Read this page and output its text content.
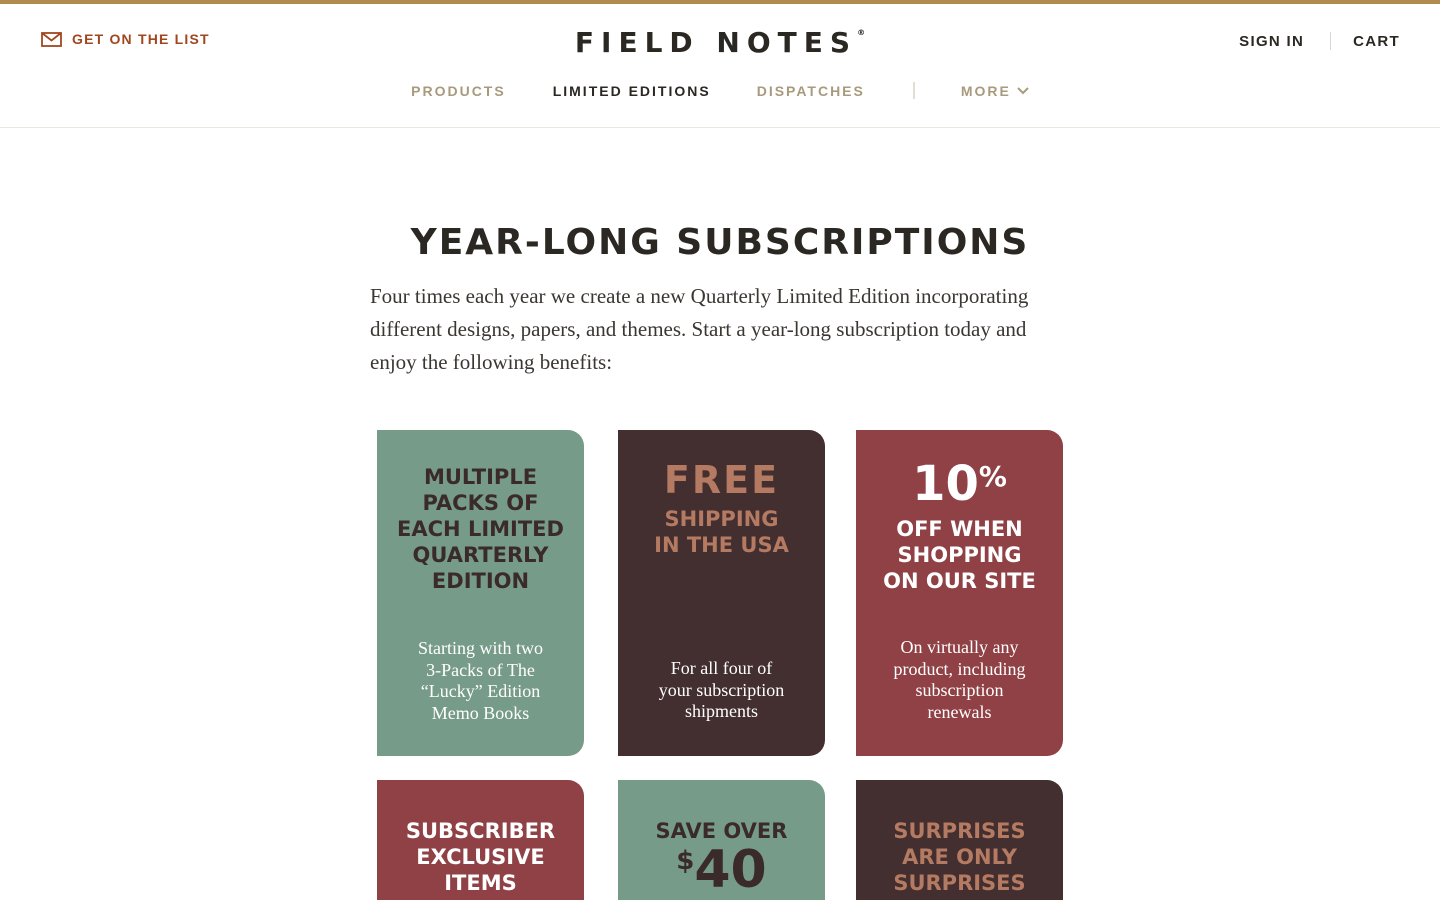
GET ON THE LIST	FIELD NOTES®	SIGN IN	CART
PRODUCTS	LIMITED EDITIONS	DISPATCHES	MORE
YEAR-LONG SUBSCRIPTIONS

Four times each year we create a new Quarterly Limited Edition incorporating different designs, papers, and themes. Start a year-long subscription today and enjoy the following benefits:

MULTIPLE
PACKS OF
EACH LIMITED
QUARTERLY
EDITION
Starting with two
3-Packs of The
“Lucky” Edition
Memo Books
FREE
SHIPPING
IN THE USA
For all four of
your subscription
shipments
10%
OFF WHEN
SHOPPING
ON OUR SITE
On virtually any
product, including
subscription
renewals
SUBSCRIBER
EXCLUSIVE
ITEMS
SAVE OVER
$40
SURPRISES
ARE ONLY
SURPRISES
